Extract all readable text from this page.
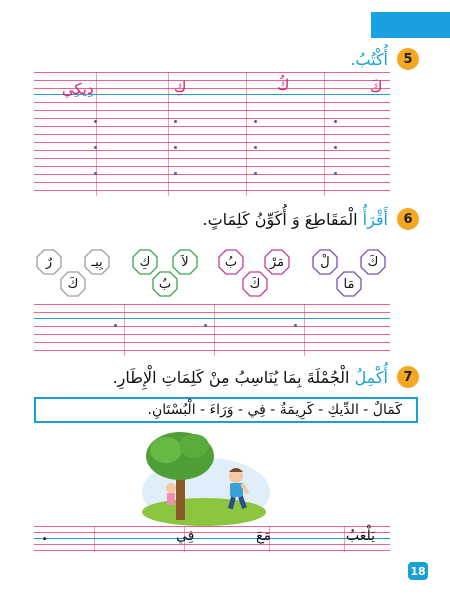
5
أُكْتُبُ.
كَ
كُ
كِ
دِيكِي
6
أَقْرَأُ الْمَقَاطِعَ وَ أُكَوِّنُ كَلِمَاتٍ.
كَ
لْ
مَا
مَرْ
بُ
كَ
لاَ
كِ
بٌ
بِيـ
رٌ
كَ
7
أُكْمِلُ الْجُمْلَةَ بِمَا يُنَاسِبُ مِنْ كَلِمَاتِ الْإِطَارِ.
كَمَالٌ - الدِّيكِ - كَرِيمَةُ - فِي - وَرَاءَ - الْبُسْتَانِ.
يَلْعَبُ
مَعَ
فِي
.
18
